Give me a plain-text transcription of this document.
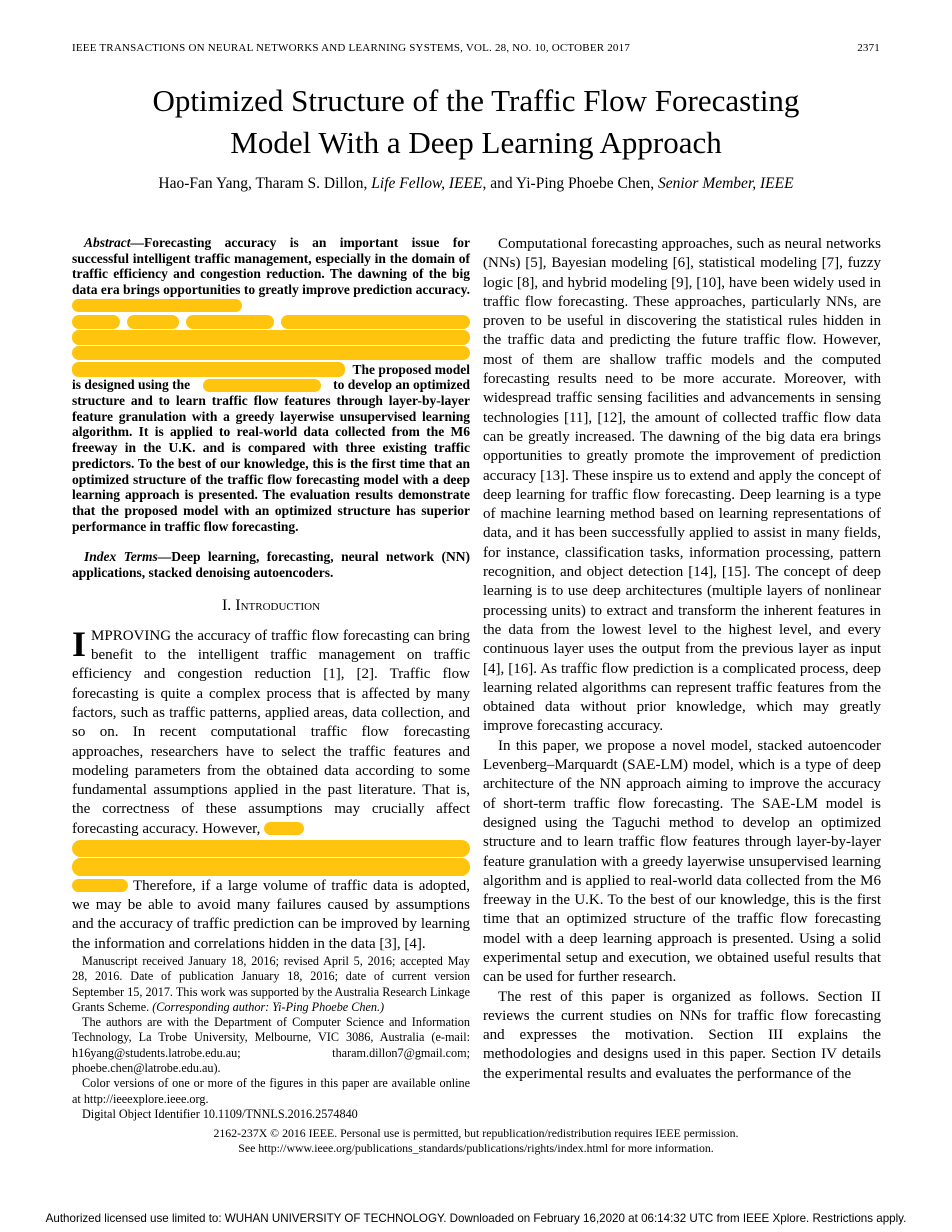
IEEE TRANSACTIONS ON NEURAL NETWORKS AND LEARNING SYSTEMS, VOL. 28, NO. 10, OCTOBER 2017	2371
Optimized Structure of the Traffic Flow Forecasting
Model With a Deep Learning Approach
Hao-Fan Yang, Tharam S. Dillon, Life Fellow, IEEE, and Yi-Ping Phoebe Chen, Senior Member, IEEE

Abstract—Forecasting accuracy is an important issue for successful intelligent traffic management, especially in the domain of traffic efficiency and congestion reduction. The dawning of the big data era brings opportunities to greatly improve prediction accuracy.

The proposed model
is designed using the	to develop an optimized

structure and to learn traffic flow features through layer-by-layer feature granulation with a greedy layerwise unsupervised learning algorithm. It is applied to real-world data collected from the M6 freeway in the U.K. and is compared with three existing traffic predictors. To the best of our knowledge, this is the first time that an optimized structure of the traffic flow forecasting model with a deep learning approach is presented. The evaluation results demonstrate that the proposed model with an optimized structure has superior performance in traffic flow forecasting.

Index Terms—Deep learning, forecasting, neural network (NN) applications, stacked denoising autoencoders.

I. Introduction

IMPROVING the accuracy of traffic flow forecasting can bring benefit to the intelligent traffic management on traffic efficiency and congestion reduction [1], [2]. Traffic flow forecasting is quite a complex process that is affected by many factors, such as traffic patterns, applied areas, data collection, and so on. In recent computational traffic flow forecasting approaches, researchers have to select the traffic features and modeling parameters from the obtained data according to some fundamental assumptions applied in the past literature. That is, the correctness of these assumptions may crucially affect forecasting accuracy. However,

Therefore, if a large volume of traffic data is adopted, we may be able to avoid many failures caused by assumptions and the accuracy of traffic prediction can be improved by learning the information and correlations hidden in the data [3], [4].

Manuscript received January 18, 2016; revised April 5, 2016; accepted May 28, 2016. Date of publication January 18, 2016; date of current version September 15, 2017. This work was supported by the Australia Research Linkage Grants Scheme. (Corresponding author: Yi-Ping Phoebe Chen.)

The authors are with the Department of Computer Science and Information Technology, La Trobe University, Melbourne, VIC 3086, Australia (e-mail: h16yang@students.latrobe.edu.au; tharam.dillon7@gmail.com; phoebe.chen@latrobe.edu.au).

Color versions of one or more of the figures in this paper are available online at http://ieeexplore.ieee.org.

Digital Object Identifier 10.1109/TNNLS.2016.2574840

Computational forecasting approaches, such as neural networks (NNs) [5], Bayesian modeling [6], statistical modeling [7], fuzzy logic [8], and hybrid modeling [9], [10], have been widely used in traffic flow forecasting. These approaches, particularly NNs, are proven to be useful in discovering the statistical rules hidden in the traffic data and predicting the future traffic flow. However, most of them are shallow traffic models and the computed forecasting results need to be more accurate. Moreover, with widespread traffic sensing facilities and advancements in sensing technologies [11], [12], the amount of collected traffic flow data can be greatly increased. The dawning of the big data era brings opportunities to greatly promote the improvement of prediction accuracy [13]. These inspire us to extend and apply the concept of deep learning for traffic flow forecasting. Deep learning is a type of machine learning method based on learning representations of data, and it has been successfully applied to assist in many fields, for instance, classification tasks, information processing, pattern recognition, and object detection [14], [15]. The concept of deep learning is to use deep architectures (multiple layers of nonlinear processing units) to extract and transform the inherent features in the data from the lowest level to the highest level, and every continuous layer uses the output from the previous layer as input [4], [16]. As traffic flow prediction is a complicated process, deep learning related algorithms can represent traffic features from the obtained data without prior knowledge, which may greatly improve forecasting accuracy.

In this paper, we propose a novel model, stacked autoencoder Levenberg–Marquardt (SAE-LM) model, which is a type of deep architecture of the NN approach aiming to improve the accuracy of short-term traffic flow forecasting. The SAE-LM model is designed using the Taguchi method to develop an optimized structure and to learn traffic flow features through layer-by-layer feature granulation with a greedy layerwise unsupervised learning algorithm and is applied to real-world data collected from the M6 freeway in the U.K. To the best of our knowledge, this is the first time that an optimized structure of the traffic flow forecasting model with a deep learning approach is presented. Using a solid experimental setup and execution, we obtained useful results that can be used for further research.

The rest of this paper is organized as follows. Section II reviews the current studies on NNs for traffic flow forecasting and expresses the motivation. Section III explains the methodologies and designs used in this paper. Section IV details the experimental results and evaluates the performance of the

2162-237X © 2016 IEEE. Personal use is permitted, but republication/redistribution requires IEEE permission.
See http://www.ieee.org/publications_standards/publications/rights/index.html for more information.
Authorized licensed use limited to: WUHAN UNIVERSITY OF TECHNOLOGY. Downloaded on February 16,2020 at 06:14:32 UTC from IEEE Xplore. Restrictions apply.
